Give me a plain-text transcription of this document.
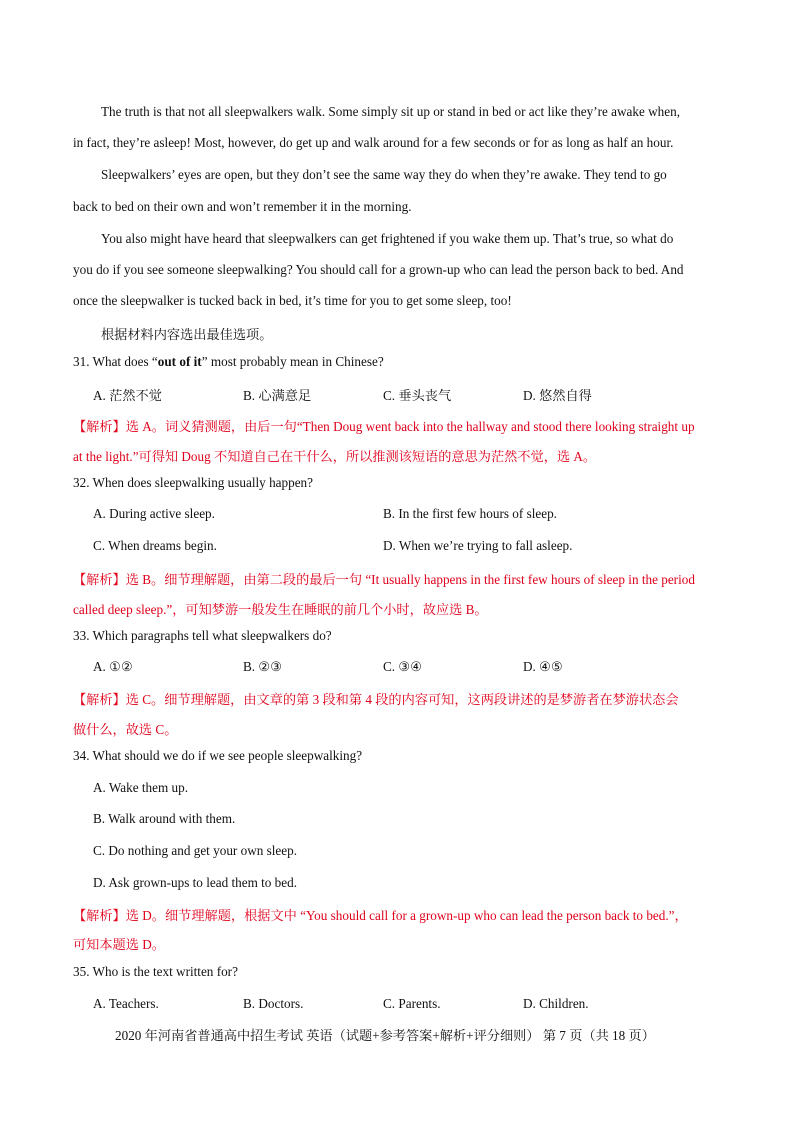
The truth is that not all sleepwalkers walk. Some simply sit up or stand in bed or act like they’re awake when,
in fact, they’re asleep! Most, however, do get up and walk around for a few seconds or for as long as half an hour.
Sleepwalkers’ eyes are open, but they don’t see the same way they do when they’re awake. They tend to go
back to bed on their own and won’t remember it in the morning.
You also might have heard that sleepwalkers can get frightened if you wake them up. That’s true, so what do
you do if you see someone sleepwalking? You should call for a grown-up who can lead the person back to bed. And
once the sleepwalker is tucked back in bed, it’s time for you to get some sleep, too!
根据材料内容选出最佳选项。
31. What does “out of it” most probably mean in Chinese?
A. 茫然不觉	B. 心满意足	C. 垂头丧气	D. 悠然自得
【解析】选 A。词义猜测题，由后一句“Then Doug went back into the hallway and stood there looking straight up
at the light.”可得知 Doug 不知道自己在干什么，所以推测该短语的意思为茫然不觉，选 A。
32. When does sleepwalking usually happen?
A. During active sleep.	B. In the first few hours of sleep.
C. When dreams begin.	D. When we’re trying to fall asleep.
【解析】选 B。细节理解题，由第二段的最后一句 “It usually happens in the first few hours of sleep in the period
called deep sleep.”，可知梦游一般发生在睡眠的前几个小时，故应选 B。
33. Which paragraphs tell what sleepwalkers do?
A. ①②	B. ②③	C. ③④	D. ④⑤
【解析】选 C。细节理解题，由文章的第 3 段和第 4 段的内容可知，这两段讲述的是梦游者在梦游状态会
做什么，故选 C。
34. What should we do if we see people sleepwalking?
A. Wake them up.
B. Walk around with them.
C. Do nothing and get your own sleep.
D. Ask grown-ups to lead them to bed.
【解析】选 D。细节理解题，根据文中 “You should call for a grown-up who can lead the person back to bed.”，
可知本题选 D。
35. Who is the text written for?
A. Teachers.	B. Doctors.	C. Parents.	D. Children.
2020 年河南省普通高中招生考试 英语（试题+参考答案+解析+评分细则） 第 7 页（共 18 页）
